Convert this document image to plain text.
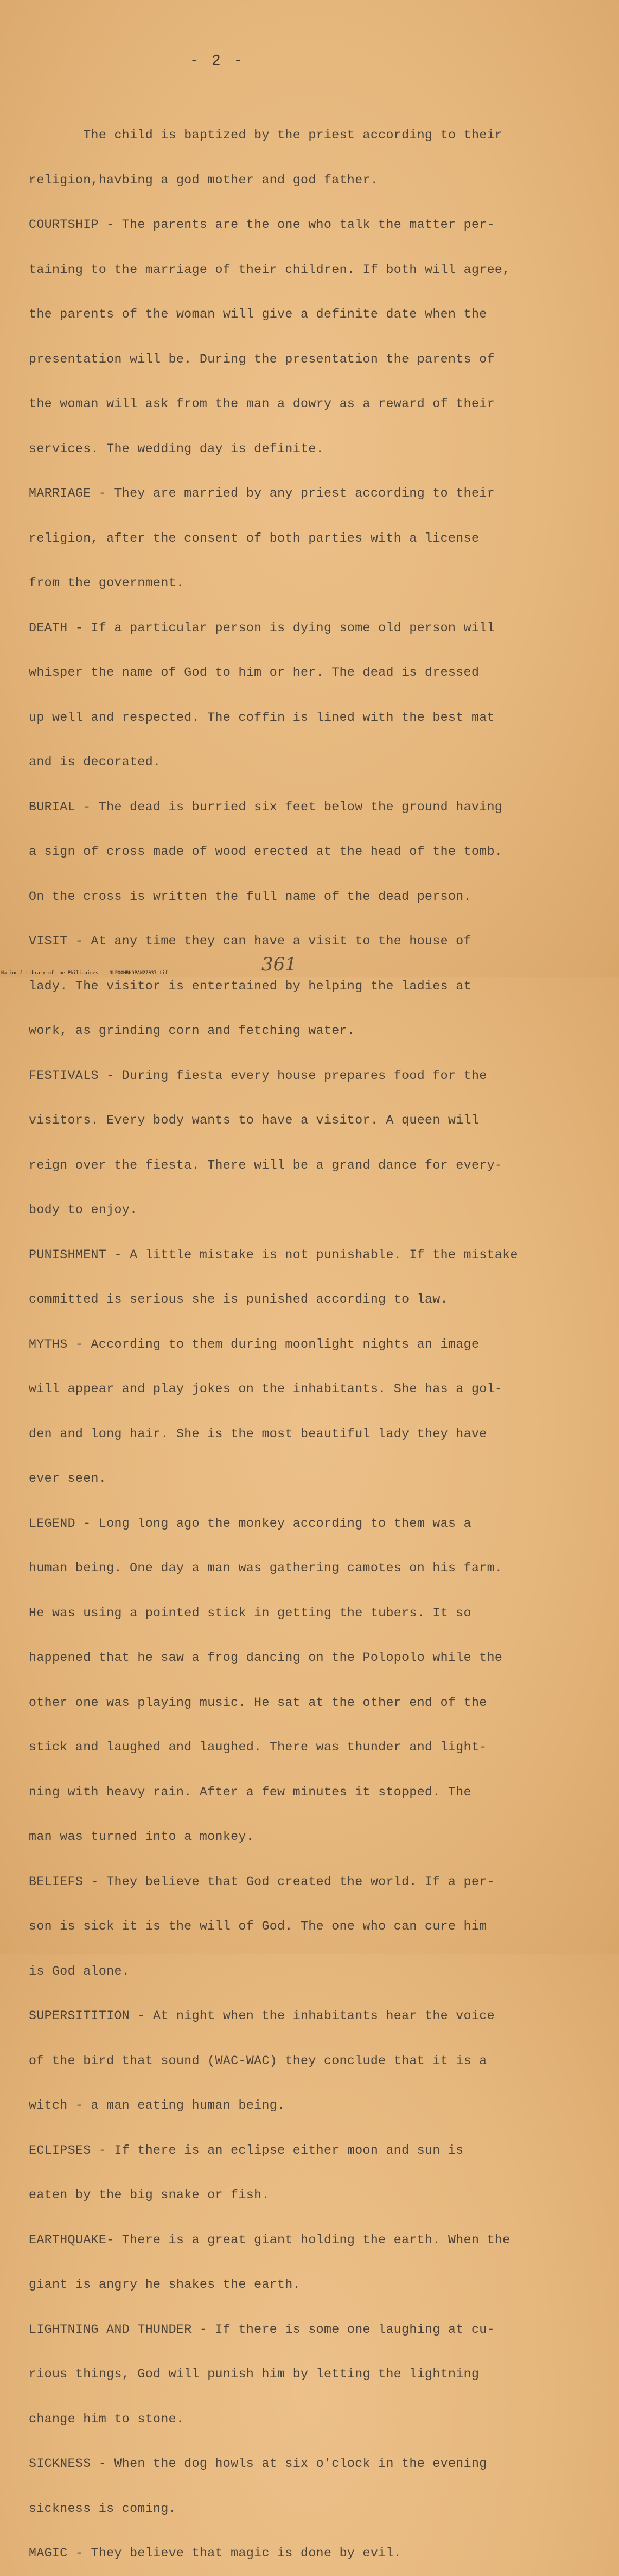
- 2 -

The child is baptized by the priest according to their

religion,havbing a god mother and god father.

COURTSHIP - The parents are the one who talk the matter per-

taining to the marriage of their children. If both will agree,

the parents of the woman will give a definite date when the

presentation will be. During the presentation the parents of

the woman will ask from the man a dowry as a reward of their

services. The wedding day is definite.

MARRIAGE - They are married by any priest according to their

religion, after the consent of both parties with a license

from the government.

DEATH - If a particular person is dying some old person will

whisper the name of God to him or her. The dead is dressed

up well and respected. The coffin is lined with the best mat

and is decorated.

BURIAL - The dead is burried six feet below the ground having

a sign of cross made of wood erected at the head of the tomb.

On the cross is written the full name of the dead person.

VISIT - At any time they can have a visit to the house of

lady. The visitor is entertained by helping the ladies at

work, as grinding corn and fetching water.

FESTIVALS - During fiesta every house prepares food for the

visitors. Every body wants to have a visitor. A queen will

reign over the fiesta. There will be a grand dance for every-

body to enjoy.

PUNISHMENT - A little mistake is not punishable. If the mistake

committed is serious she is punished according to law.

MYTHS - According to them during moonlight nights an image

will appear and play jokes on the inhabitants. She has a gol-

den and long hair. She is the most beautiful lady they have

ever seen.

LEGEND - Long long ago the monkey according to them was a

human being. One day a man was gathering camotes on his farm.

He was using a pointed stick in getting the tubers. It so

happened that he saw a frog dancing on the Polopolo while the

other one was playing music. He sat at the other end of the

stick and laughed and laughed. There was thunder and light-

ning with heavy rain. After a few minutes it stopped. The

man was turned into a monkey.

BELIEFS - They believe that God created the world. If a per-

son is sick it is the will of God. The one who can cure him

is God alone.

SUPERSITITION - At night when the inhabitants hear the voice

of the bird that sound (WAC-WAC) they conclude that it is a

witch - a man eating human being.

ECLIPSES - If there is an eclipse either moon and sun is

eaten by the big snake or fish.

EARTHQUAKE- There is a great giant holding the earth. When the

giant is angry he shakes the earth.

LIGHTNING AND THUNDER - If there is some one laughing at cu-

rious things, God will punish him by letting the lightning

change him to stone.

SICKNESS - When the dog howls at six o'clock in the evening

sickness is coming.

MAGIC - They believe that magic is done by evil.

361
National Library of the Philippines    NLPOOMRHDPAN27037.tif
